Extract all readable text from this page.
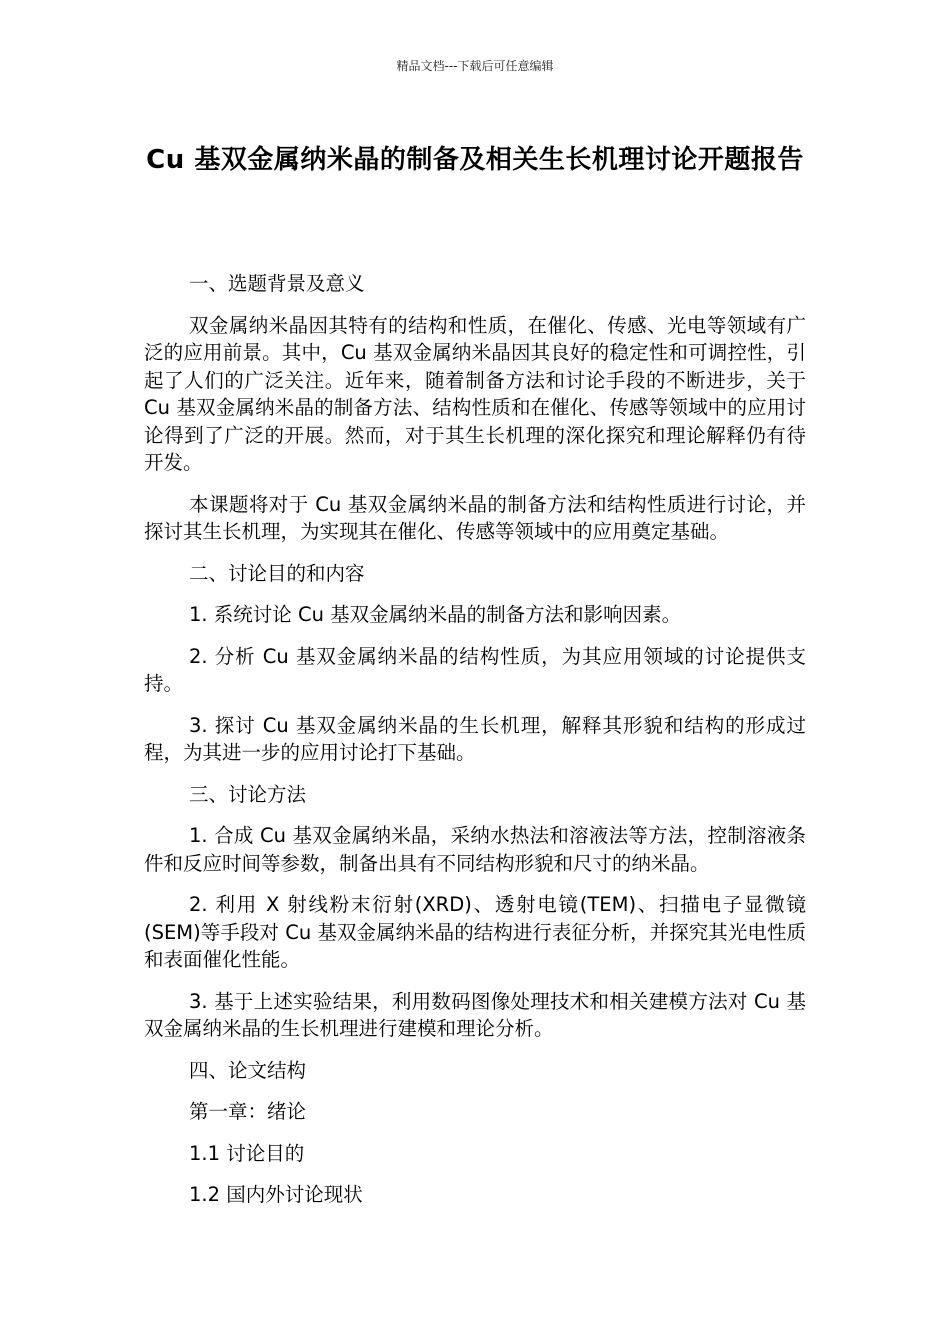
精品文档---下载后可任意编辑
Cu 基双金属纳米晶的制备及相关生长机理讨论开题报告

一、选题背景及意义

双金属纳米晶因其特有的结构和性质，在催化、传感、光电等领域有广泛的应用前景。其中，Cu 基双金属纳米晶因其良好的稳定性和可调控性，引起了人们的广泛关注。近年来，随着制备方法和讨论手段的不断进步，关于 Cu 基双金属纳米晶的制备方法、结构性质和在催化、传感等领域中的应用讨论得到了广泛的开展。然而，对于其生长机理的深化探究和理论解释仍有待开发。

本课题将对于 Cu 基双金属纳米晶的制备方法和结构性质进行讨论，并探讨其生长机理，为实现其在催化、传感等领域中的应用奠定基础。

二、讨论目的和内容

1. 系统讨论 Cu 基双金属纳米晶的制备方法和影响因素。

2. 分析 Cu 基双金属纳米晶的结构性质，为其应用领域的讨论提供支持。

3. 探讨 Cu 基双金属纳米晶的生长机理，解释其形貌和结构的形成过程，为其进一步的应用讨论打下基础。

三、讨论方法

1. 合成 Cu 基双金属纳米晶，采纳水热法和溶液法等方法，控制溶液条件和反应时间等参数，制备出具有不同结构形貌和尺寸的纳米晶。

2. 利用 X 射线粉末衍射(XRD)、透射电镜(TEM)、扫描电子显微镜(SEM)等手段对 Cu 基双金属纳米晶的结构进行表征分析，并探究其光电性质和表面催化性能。

3. 基于上述实验结果，利用数码图像处理技术和相关建模方法对 Cu 基双金属纳米晶的生长机理进行建模和理论分析。

四、论文结构

第一章：绪论

1.1 讨论目的

1.2 国内外讨论现状
